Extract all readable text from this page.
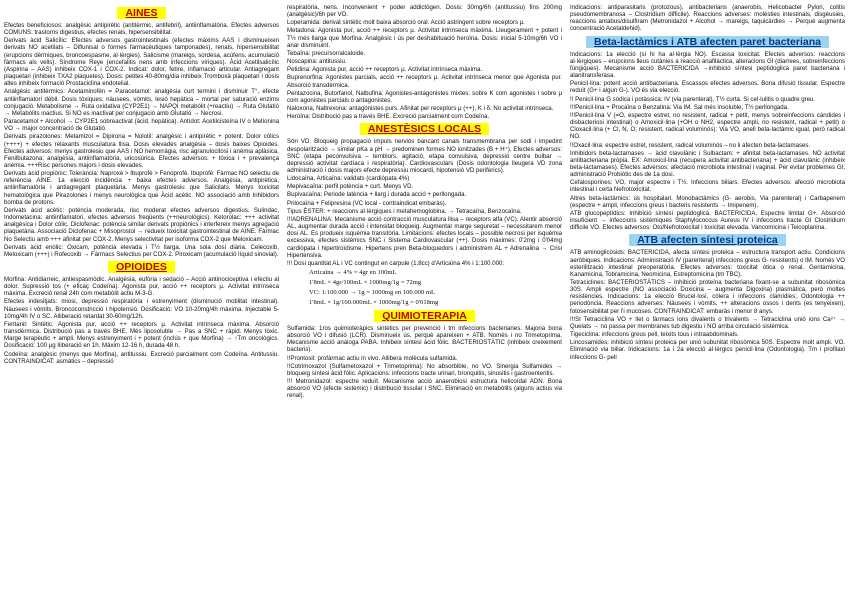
AINES

Efectes beneficiosos: analgèsic antipirètic (antitèrmic, antifebril), antiinflamatòria. Efectes adversos COMUNS: trastorns digestius, efectes renals, hipersensibilitat.

Derivats àcid Salicílic: Efectes adversos gastrointestinals (efectes màxims AAS i disminueixen derivats NO acetilats – Diflunisal o formes farmacèutiques tamponades), renals, hipersensibilitat (erupcions dèrmiques, broncoespasme, al·lèrgies). Salicisme (mareigs, sordesa, acúfens, acumulació fàrmacs als vells). Síndrome Reye (encefalitis nens amb infeccions víriques). Àcid Acetilsalicílic (Aspirina – AAS) inhibeix COX-1 i COX-2. Indicat: dolor, febre, inflamació articular. Antiagregant plaquetari (inhibeix TXA2 plaquetes). Dosis: petites 40-80mg/dia inhibeix Tromboxà plaquetari i dosis altes inhibeix formació Prostaciclina endotelial.

Analgèsic antitèrmics: Acetaminofèn = Paracetamol: analgèsia curt termini i disminuir T°, efecte antiinflamatori dèbil. Dosis tòxiques: nàusees, vòmits, lesió hepàtica – mortal per saturació enzims conjugació. Metabolisme → Ruta oxidativa (CYP2E1) → NAPQI metabòlit (+reactiu) → Ruta Glutatió → Metabòlits inactius. Si NO es inactivat per conjugació amb Glutatió → Necrosi.

Paracetamol + Alcohol → CYP2E1 sobreactivat (àcid. hepàtica). Antídot: Acetilcisteïna IV o Metionina VO → major concentració de Glutatió.

Derivats pirazolones: Metamizol = Dipirona = Nolotil: analgèsic i antipirètic + potent. Dolor còlics (++++) + efectes relaxants musculatura llisa. Dosis elevades analgèsia – dosis baixes Opioides. Efectes adversos: menys gastrolesiu que AAS i NO hemorràgia, risc agranulocitosi i anèmia aplàsica. Fenilbutazona: analgèsia, antiinflamatòria, uricosúrica. Efectes adversos: + tòxica i + prevalença anèmia. +++Risc persones majors i dosis elevades.

Derivats àcid propiònic: Tolerància: Naproxè > Ibuprofè > Fenoprofè. Ibuprofè: Fàrmac NO selectiu de referència AINE. 1a elecció incidència + baixa efectes adversos. Analgèsia, antipirètica, antiinflamatòria i antiagregant plaquetària. Menys gastrolesiu que Salicilats. Menys toxicitat hematològica que Pirazolones i menys neurològica que Àcid acètic. NO associació amb Inhibidors bomba de protons.

Derivats àcid acètic: potència moderada, risc moderat efectes adversos digestius. Sulindac, Indometacina: antiinflamatori, efectes adversos freqüents (++neurològics). Ketorolac: +++ activitat analgèsica i Dolor còlic. Diclofenac: potència similar derivats propiònics i interfereix menys agregació plaquetària. Associació Diclofenac + Misoprostol → redueix toxicitat gastrointestinal de AINE. Fàrmac No Selectiu amb +++ afinitat per COX-2. Menys selectivitat per isoforma COX-2 que Meloxicam.

Derivats àcid enòlic: Oxicam, potència elevada i T½ llarga. Una sola dosi diària. Celecoxib, Meloxicam (+++) i Rofecoxib → Fàrmacs Selectius per COX-2. Piroxicam (acumulació líquid sinovial).

OPIOIDES

Morfina: Antidiarreic, antiespasmòdic. Analgèsia, eufòria i sedació – Acció antinociceptiva i efectiu al dolor. Supressió tos (+ eficaç Codeïna). Agonista pur, acció ++ receptors μ. Activitat intrínseca màxima. Excreció renal 24h com metabòlit actiu M-3-G.

Efectes indesitjats: miosi, depressió respiratòria i estrenyiment (disminució motilitat intestinal). Nàusees i vòmits. Broncoconstricció i hipotensió. Dosificació: VO 10-20mg/4h màxima. Injectable 5-10mg/4h IV o SC. Alliberació retardat 30-60mg/12h.

Fentanil: Sintètic. Agonista pur, acció ++ receptors μ. Activitat intrínseca màxima. Absorció transdèrmica. Distribució pas a través BHE. Més liposoluble → Pas a SNC + ràpid. Menys tòxic. Marge terapèutic + ampli. Menys estrenyiment i + potent (inclús + que Morfina) → ↑Tm oncològics. Dosificació: 100 μg Iliberació en 1h. Màxim 12-16 h, durada 48 h.

Codeïna: analgèsic (menys que Morfina), antitussiu. Excreció parcialment com Codeïna. Antitussiu. CONTRAINDICAT: asmàtics – depressió

respiratòria, nens. Inconvenient + poder addictògen. Dosis: 30mg/6h (antitussiu) fins 200mg (analgèsic)/6h per VO.

Loperamida: derivat sintètic molt baixa absorció oral. Acció astringent sobre receptors μ.

Metadona: Agonista pur, acció ++ receptors μ. Activitat intrínseca màxima. Lleugerament + potent i T½ més llarga que Morfina. Analgèsic i ús per deshabituació heroïna. Dosis: inicial 5-10mg/6h VO i anar disminuint.

Tebaïna: precursor/alcaloide.

Noscapina: antitussiu.

Petidina: Agonista pur, acció ++ receptors μ. Activitat intrínseca màxima.

Buprenorfina: Agonistes parcials, acció ++ receptors μ. Activitat intrínseca menor que Agonista pur. Absorció transdèrmica.

Pentazocina, Butorfanol, Nalbufina: Agonistes-antagonistes mixtes: sobre K com agonistes i sobre μ com agonistes parcials o antagonistes.

Naloxona, Naltrexona: antagonistes purs. Afinitat per receptors μ (++), K i δ. No activitat intrínseca.

Heroïna: Distribució pas a través BHE. Excreció parcialment com Codeïna.

ANESTÈSICS LOCALS

Són VD. Bloqueig propagació impuls nerviós bancant canals transmembrana per sodi i impedint despolarització → similar pKa a pH → predominen formes NO ionitzades (B + H⁺). Efectes adversos: SNC (etapa peconvulsiva – temblors, agitació, etapa convulsiva, depressió centre bulbar → depressió activitat cardíaca i respiratòria). Cardiovasculars (Dosis odontologia lleugera VD zona administració i dosis majors efecte depressiu miocardi, hipotensió VD perifèrics).

Lidocaïna, Articaïna: validats (cardiòpata 4%)

Mepivacaïna: perfil potència + curt. Menys VD.

Bupivacaïna: Periode latència + llarg i durada acció + perllongada.

Prilocaïna + Felipresina (VC local - contraindicat embaràs).

Tipus ÈSTER: + reaccions al·lèrgiques i metahemoglobina. → Tetracaïna, Benzocaïna.

!!!ADRENALINA: Mecanisme acció contracció musculatura llisa – receptors alfa (VC). Alentir absorció AL, augmentar durada acció i intensitat bloqueig. Augmentar marge seguretat – necessitarem menor dosi AL. Es produeix isquèmia transitòria. Limitacions: efectes locals – possible necrosi per isquèmia excessiva, efectes sistèmics SNC i Sistema Cardiovascular (++). Dosis màximes: 0'2mg i 0'04mg cardiòpata i hipertiroïdisme. Hipertens pren Beta-bloquedors i administrem AL + Adrenalina → Crisi Hipertensiva.

!!! Dosi quantitat AL i VC contingut en carpule (1,8cc) d'Articaïna 4% i 1:100.000:

Articaïna → 4% = 4gr en 100mL
1'8mL × 4gr/100mL × 1000mg/1g = 72mg
VC: 1:100.000 → 1g = 1000mg en 100.000 mL
1'8mL × 1g/100.000mL × 1000mg/1g = 0'018mg
QUIMIOTERAPIA

Sulfamida: 1ros quimioteràpics sintètics per prevenció i tm infeccions bacterianes. Majoria bona absorció VO i difusió (LCR). Disminueix ús, perquè apareixen + ATB. Nomès i no Trimetoprima. Mecanisme acció analoga PABA. Inhibeix síntesi àcid fòlic. BACTERIOSTÀTIC (inhibeix creixement bacteris).

!!Prontosil: profàrmac actiu in vivo. Allibera molècula sulfamida.

!!Cotrimoxazol (Sulfametoxazol + Trimetoprima): No absorbible, no VO. Sinergia Sulfamides → bloqueig síntesi àcid fòlic. Aplicacions: infeccions tracte urinari, bronquitis, sinusitis i gastroenteritis.

!!! Metronidazol: espectre reduït. Mecanisme acció anaerobiosi estructura helicoïdal ADN. Bona absorció VO (efecte sistèmic) i distribució tissular i SNC. Eliminació en metabòlits (alguns actius via renal).

Indicacions: antiparasitaris (protozous), antibacterians (anaerobis, Helicobacter Pylori, colitis pseudomembranosa – Clostridium difficile). Reaccions adverses: molèsties intestinals, disgèusies, reaccions antabus/disulfiram (Metronidazol + Alcohol → mareigs, taquicàrdies → Perquè augmenta concentració Acetaldehid).

Beta-lactàmics i ATB afecten paret bacteriana

Indicacions: 1a elecció (si hi ha al·lèrgia NO). Escassa toxicitat. Efectes adversos: reaccions al·lèrgiques – erupcions lleus cutànies a reacció anafilàctica, alteracions GI (diarrees, sobreinfeccions fúngiques). Mecanisme acció BACTERICIDA →inhibició síntesi peptidoglicà paret bacteriana i alanitransferasa.

Penicil·lina: potent acció antibacteriana. Escassos efectes adversos. Bona difusió tissular. Espectre reduït (G+ i algun G-). VO és via elecció.

!! Penicil·lina G sòdica i potàssica: IV (via parenteral), T½ curta. Si cel·lulitis o quadre greu.

!!!Penicil·lina + Procaïna o Benzatina: Via IM. Sal més insoluble, T½ perllongada.

!!!Penicil·lina V (=O, espectre estret, no resistent, radical + petit, menys sobreinfeccions càndides i disbacteriosi intestinal) o Amoxicil·lina (+OH o NH2, espectre ampli, no resistent, radical + petit) o Cloxacil·lina (+ Cl, N, O; resistent, radical voluminós): Via VO, anell beta-lactàmic igual, però radical NO.

!!Oxacil·lina: espectre estret, resistent, radical voluminós – no li afecten beta-lactamases.

Inhibidors beta-lactamases → àcid clavulànic i Sulbactam: + afinitat beta-lactamases. NO activitat antibacteriana pròpia. EX: Amoxicil·lina (recupera activitat antibacteriana) + àcid clavulànic (inhibeix beta-lactamases). Efectes adversos: afectació microbiota intestinal i vaginal. Per evitar problemes GI, administració Probiòtic des de 1a dosi.

Cefalosporines: VO, major espectre i T½. Infeccions biliars. Efectes adversos: afecció microbiota intestinal i certa Nefrotoxicitat.

Altres beta-lactàmics: ús hospitalari. Monobactàmics (G- aerobis, Via parenteral) i Carbapenem (espectre + ampli, infeccions greus i bacteris resistents → Imipenem).

ATB glucopeptídics: Inhibició síntesi peptidoglicà. BACTERICIDA. Espectre limitat G+. Absorció insuficient → infeccions sistèmiques Staphylococcus Aureus IV i infeccions tracte GI Clostridium difficile VO. Efectes adversos: Oto/Nefrotoxicitat i toxicitat elevada. Vancomicina i Teicoplanina.

ATB afecten síntesi proteica

ATB aminoglicòsids: BACTERICIDA, afecta síntesi proteica – estructura transport actiu. Condicions aeròbiques. Indicacions: Administració IV (parenteral) infeccions greus G- resistents) o IM. Només VO esterilització intestinal preoperatòria. Efectes adversos: toxicitat òtica o renal. Gentamicina, Kanamicina, Tobramicina, Neomicina, Estreptomicina (tm TBC).

Tetraciclines: BACTERIOSTÀTICS – Inhibició proteïna bacteriana fixant-se a subunitat ribosòmica 30S. Ampli espectre (NO associació Doxicina – augmenta Digoxina) plasmàtica, però moltes resistències. Indicacions: 1a elecció Brucel·losi, cólera i infeccions clamídies; Odontologia ++ periodòncia. Reaccions adverses: Nàusees i vòmits, ++ alteracions ossos i dents (es tenyeixen), fotosensibilitat per l'i mucoses. CONTRAINDICAT: embaràs i menor 8 anys.

!!!SI Tetraciclina VO + llet o fàrmacs ions divalents o trivalents → Tetraciclina unió ions Ca²⁺ → Quelats → no passa per membranes tub digestiu i NO arriba circulació sistèmica.

Tigeciclina: infeccions greus pell, teixits tous i intraabdominals.

Lincosamides: inhibició síntesi proteica per unió subunitat ribosòmica 50S. Espectre molt ampli. VO. Eliminació via biliar. Indicacions: 1a i 2a elecció al·lèrgics penicil·lina (Odontologia). Tm i profilaxi infeccions G- pell
